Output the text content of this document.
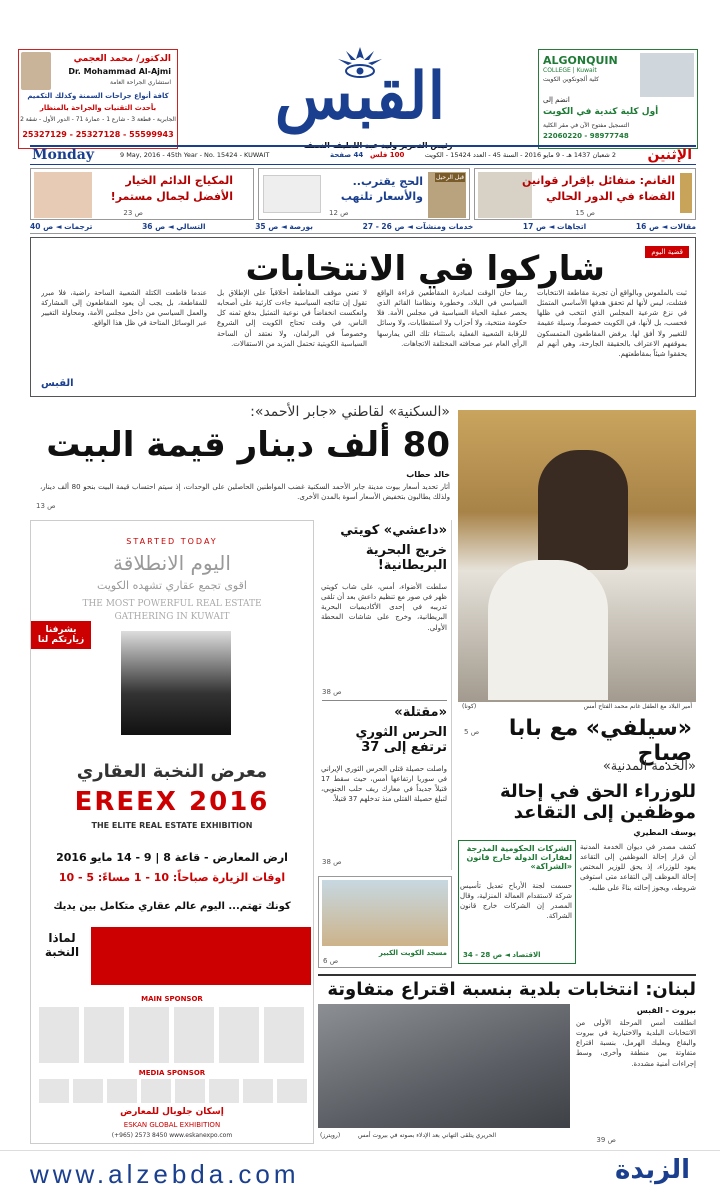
الدكتور/ محمد العجمي
Dr. Mohammad Al-Ajmi
استشاري الجراحة العامة
كافة أنواع جراحات السمنة وكذلك التكميم
بأحدث التقنيات والجراحة بالمنظار
الجابرية - قطعة 3 - شارع 1 - عمارة 71 - الدور الأول - شقة 2
25327129 - 25327128 - 55599943
القبس
رئيس التحرير وليد عبد اللطيف النصف
ALGONQUIN
COLLEGE | Kuwait
كلية ألجونكوين الكويت
انضم إلى
أول كلية كندية في الكويت
التسجيل مفتوح الآن في مقر الكلية
22060220 - 98977748
الإثنين
Monday	2 شعبان 1437 هـ - 9 مايو 2016 - السنة 45 - العدد 15424 - الكويت
44 صفحة 100 فلس
9 May, 2016 - 45th Year - No. 15424 - KUWAIT
الغانم: متفائل بإقرار قوانين
القضاء في الدور الحالي
ص 15
قبل الرحيل
الحج يقترب..
والأسعار تلتهب
ص 12
المكياج الدائم الخيار
الأفضل لجمال مستمر!
ص 23
مقالات ◄ ص 16
اتجاهات ◄ ص 17
خدمات ومنشآت ◄ ص 26 - 27
بورصة ◄ ص 35
التسالي ◄ ص 36
ترجمات ◄ ص 40
قضية اليوم
شاركوا في الانتخابات
ثبت بالملموس وبالواقع أن تجربة مقاطعة الانتخابات فشلت، ليس لأنها لم تحقق هدفها الأساسي المتمثل في نزع شرعية المجلس الذي انتخب في ظلها فحسب، بل لأنها، في الكويت خصوصاً، وسيلة عقيمة للتغيير ولا أفق لها. يرفض المقاطعون المتمسكون بموقفهم الاعتراف بالحقيقة الجارحة، وهي أنهم لم يحققوا شيئاً بمقاطعتهم.
ربما حان الوقت لمبادرة المقاطعين قراءة الواقع السياسي في البلاد، وخطورة ونظامنا القائم الذي يحصر عملية الحياة السياسية في مجلس الأمة. فلا حكومة منتخبة، ولا أحزاب ولا استقطابات، ولا وسائل للرقابة الشعبية الفعلية باستثناء تلك التي يمارسها الرأي العام عبر صحافته المختلفة الاتجاهات.
لا تعني موقف المقاطعة أخلاقياً على الإطلاق بل تقول إن نتائجه السياسية جاءت كارثية على أصحابه وانعكست انخفاضاً في نوعية التمثيل بدفع ثمنه كل الناس، في وقت تحتاج الكويت إلى الشروع وخصوصاً في البرلمان، ولا نعتقد أن الساحة السياسية الكويتية تحتمل المزيد من الاستقالات.
عندما قاطعت الكتلة الشعبية الساحة راضية، فلا مبرر للمقاطعة، بل يجب أن يعود المقاطعون إلى المشاركة والعمل السياسي من داخل مجلس الأمة، ومحاولة التغيير عبر الوسائل المتاحة في ظل هذا الواقع.
القبس
«السكنية» لقاطني «جابر الأحمد»:
80 ألف دينار قيمة البيت
خالد حطاب
أثار تحديد أسعار بيوت مدينة جابر الأحمد السكنية غضب المواطنين الحاصلين على الوحدات، إذ سيتم احتساب قيمة البيت بنحو 80 ألف دينار، ولذلك يطالبون بتخفيض الأسعار أسوة بالمدن الأخرى.
ص 13
أمير البلاد مع الطفل غانم محمد الفتاح أمس
(كونا)
«سيلفي» مع بابا صباح
ص 5
«داعشي» كويتي
خريج البحرية البريطانية!
سلطت الأضواء، أمس، على شاب كويتي ظهر في صور مع تنظيم داعش بعد أن تلقى تدريبه في إحدى الأكاديميات البحرية البريطانية، وخرج على شاشات المحطة الأولى.
ص 38
«مقتلة»
الحرس الثوري ترتفع إلى 37
واصلت حصيلة قتلى الحرس الثوري الإيراني في سوريا ارتفاعها أمس، حيث سقط 17 قتيلاً جديداً في معارك ريف حلب الجنوبي، لتبلغ حصيلة القتلى منذ تدخلهم 37 قتيلاً.
ص 38
«الخدمة المدنية»
للوزراء الحق في إحالة موظفين إلى التقاعد
يوسف المطيري
كشف مصدر في ديوان الخدمة المدنية أن قرار إحالة الموظفين إلى التقاعد يعود للوزراء، إذ يحق للوزير المختص إحالة الموظف إلى التقاعد متى استوفى شروطه، ويجوز إحالته بناءً على طلبه.
الشركات الحكومية المدرجة لعقارات الدولة خارج قانون «الشراكة»
حسمت لجنة الأرباح تعديل تأسيس شركة لاستقدام العمالة المنزلية، وقال المصدر إن الشركات خارج قانون الشراكة.
الاقتصاد ◄ ص 28 - 34
مسجد الكويت الكبير
ص 6
لبنان: انتخابات بلدية بنسبة اقتراع متفاوتة
بيروت - القبس
انطلقت أمس المرحلة الأولى من الانتخابات البلدية والاختيارية في بيروت والبقاع وبعلبك الهرمل، بنسبة اقتراع متفاوتة بين منطقة وأخرى، وسط إجراءات أمنية مشددة.
الحريري يتلقى التهاني بعد الإدلاء بصوته في بيروت أمس
(رويترز)
ص 39
STARTED TODAY
اليوم الانطلاقة
اقوى تجمع عقاري تشهده الكويت
THE MOST POWERFUL REAL ESTATE
GATHERING IN KUWAIT
يشرفنا زيارتكم لنا
معرض النخبة العقاري
EREEX 2016
THE ELITE REAL ESTATE EXHIBITION
ارض المعارض - قاعة 8 | 9 - 14 مايو 2016
اوقات الزيارة صباحاً: 10 - 1 مساءً: 5 - 10
كونك تهتم... اليوم عالم عقاري متكامل بين يديك
لماذا النخبة
MAIN SPONSOR
MEDIA SPONSOR
إسكان جلوبال للمعارض
ESKAN GLOBAL EXHIBITION
(+965) 2573 8450 www.eskanexpo.com
www.alzebda.com	الزبدة
